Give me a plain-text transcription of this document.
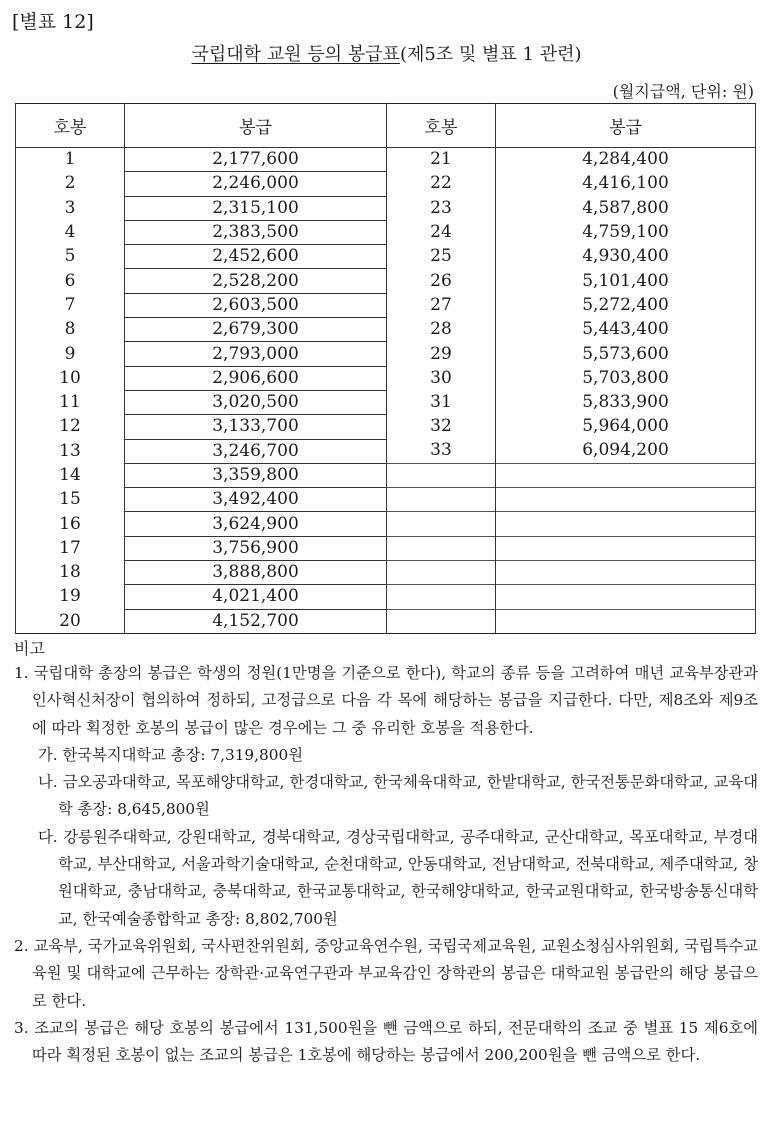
[별표 12]
국립대학 교원 등의 봉급표(제5조 및 별표 1 관련)
(월지급액, 단위: 원)
호봉	봉급	호봉	봉급
1	2,177,600	21	4,284,400
2	2,246,000	22	4,416,100
3	2,315,100	23	4,587,800
4	2,383,500	24	4,759,100
5	2,452,600	25	4,930,400
6	2,528,200	26	5,101,400
7	2,603,500	27	5,272,400
8	2,679,300	28	5,443,400
9	2,793,000	29	5,573,600
10	2,906,600	30	5,703,800
11	3,020,500	31	5,833,900
12	3,133,700	32	5,964,000
13	3,246,700	33	6,094,200
14	3,359,800		
15	3,492,400		
16	3,624,900		
17	3,756,900		
18	3,888,800		
19	4,021,400		
20	4,152,700		
비고
1. 국립대학 총장의 봉급은 학생의 정원(1만명을 기준으로 한다), 학교의 종류 등을 고려하여 매년 교육부장관과 인사혁신처장이 협의하여 정하되, 고정급으로 다음 각 목에 해당하는 봉급을 지급한다. 다만, 제8조와 제9조에 따라 획정한 호봉의 봉급이 많은 경우에는 그 중 유리한 호봉을 적용한다.
가. 한국복지대학교 총장: 7,319,800원
나. 금오공과대학교, 목포해양대학교, 한경대학교, 한국체육대학교, 한밭대학교, 한국전통문화대학교, 교육대학 총장: 8,645,800원
다. 강릉원주대학교, 강원대학교, 경북대학교, 경상국립대학교, 공주대학교, 군산대학교, 목포대학교, 부경대학교, 부산대학교, 서울과학기술대학교, 순천대학교, 안동대학교, 전남대학교, 전북대학교, 제주대학교, 창원대학교, 충남대학교, 충북대학교, 한국교통대학교, 한국해양대학교, 한국교원대학교, 한국방송통신대학교, 한국예술종합학교 총장: 8,802,700원
2. 교육부, 국가교육위원회, 국사편찬위원회, 중앙교육연수원, 국립국제교육원, 교원소청심사위원회, 국립특수교육원 및 대학교에 근무하는 장학관·교육연구관과 부교육감인 장학관의 봉급은 대학교원 봉급란의 해당 봉급으로 한다.
3. 조교의 봉급은 해당 호봉의 봉급에서 131,500원을 뺀 금액으로 하되, 전문대학의 조교 중 별표 15 제6호에 따라 획정된 호봉이 없는 조교의 봉급은 1호봉에 해당하는 봉급에서 200,200원을 뺀 금액으로 한다.
